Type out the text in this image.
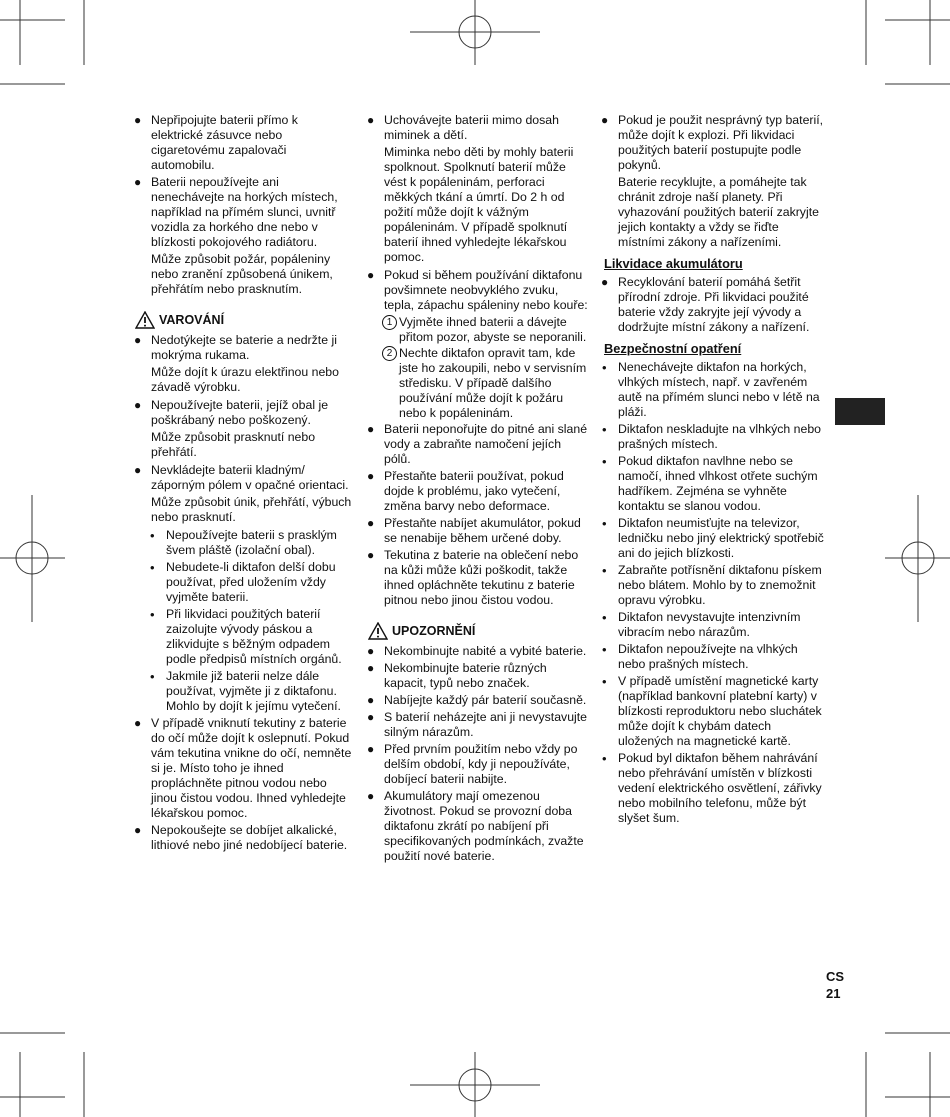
● Nepřipojujte baterii přímo k elektrické zásuvce nebo cigaretovému zapalovači automobilu.
● Baterii nepoužívejte ani nenechávejte na horkých místech, například na přímém slunci, uvnitř vozidla za horkého dne nebo v blízkosti pokojového radiátoru.
Může způsobit požár, popáleniny nebo zranění způsobená únikem, přehřátím nebo prasknutím.
VAROVÁNÍ
● Nedotýkejte se baterie a nedržte ji mokrýma rukama.
Může dojít k úrazu elektřinou nebo závadě výrobku.
● Nepoužívejte baterii, jejíž obal je poškrábaný nebo poškozený.
Může způsobit prasknutí nebo přehřátí.
● Nevkládejte baterii kladným/ záporným pólem v opačné orientaci.
Může způsobit únik, přehřátí, výbuch nebo prasknutí.
• Nepoužívejte baterii s prasklým švem pláště (izolační obal).
• Nebudete-li diktafon delší dobu používat, před uložením vždy vyjměte baterii.
• Při likvidaci použitých baterií zaizolujte vývody páskou a zlikvidujte s běžným odpadem podle předpisů místních orgánů.
• Jakmile již baterii nelze dále používat, vyjměte ji z diktafonu. Mohlo by dojít k jejímu vytečení.
● V případě vniknutí tekutiny z baterie do očí může dojít k oslepnutí. Pokud vám tekutina vnikne do očí, nemněte si je. Místo toho je ihned propláchněte pitnou vodou nebo jinou čistou vodou. Ihned vyhledejte lékařskou pomoc.
● Nepokoušejte se dobíjet alkalické, lithiové nebo jiné nedobíjecí baterie.
● Uchovávejte baterii mimo dosah miminek a dětí.
Miminka nebo děti by mohly baterii spolknout. Spolknutí baterií může vést k popáleninám, perforaci měkkých tkání a úmrtí. Do 2 h od požití může dojít k vážným popáleninám. V případě spolknutí baterií ihned vyhledejte lékařskou pomoc.
● Pokud si během používání diktafonu povšimnete neobvyklého zvuku, tepla, zápachu spáleniny nebo kouře:
1 Vyjměte ihned baterii a dávejte přitom pozor, abyste se neporanili.
2 Nechte diktafon opravit tam, kde jste ho zakoupili, nebo v servisním středisku. V případě dalšího používání může dojít k požáru nebo k popáleninám.
● Baterii neponořujte do pitné ani slané vody a zabraňte namočení jejích pólů.
● Přestaňte baterii používat, pokud dojde k problému, jako vytečení, změna barvy nebo deformace.
● Přestaňte nabíjet akumulátor, pokud se nenabije během určené doby.
● Tekutina z baterie na oblečení nebo na kůži může kůži poškodit, takže ihned opláchněte tekutinu z baterie pitnou nebo jinou čistou vodou.
UPOZORNĚNÍ
● Nekombinujte nabité a vybité baterie.
● Nekombinujte baterie různých kapacit, typů nebo značek.
● Nabíjejte každý pár baterií současně.
● S baterií neházejte ani ji nevystavujte silným nárazům.
● Před prvním použitím nebo vždy po delším období, kdy ji nepoužíváte, dobíjecí baterii nabijte.
● Akumulátory mají omezenou životnost. Pokud se provozní doba diktafonu zkrátí po nabíjení při specifikovaných podmínkách, zvažte použití nové baterie.
● Pokud je použit nesprávný typ baterií, může dojít k explozi. Při likvidaci použitých baterií postupujte podle pokynů.
Baterie recyklujte, a pomáhejte tak chránit zdroje naší planety. Při vyhazování použitých baterií zakryjte jejich kontakty a vždy se řiďte místními zákony a nařízeními.
Likvidace akumulátoru
● Recyklování baterií pomáhá šetřit přírodní zdroje. Při likvidaci použité baterie vždy zakryjte její vývody a dodržujte místní zákony a nařízení.
Bezpečnostní opatření
• Nenechávejte diktafon na horkých, vlhkých místech, např. v zavřeném autě na přímém slunci nebo v létě na pláži.
• Diktafon neskladujte na vlhkých nebo prašných místech.
• Pokud diktafon navlhne nebo se namočí, ihned vlhkost otřete suchým hadříkem. Zejména se vyhněte kontaktu se slanou vodou.
• Diktafon neumisťujte na televizor, ledničku nebo jiný elektrický spotřebič ani do jejich blízkosti.
• Zabraňte potřísnění diktafonu pískem nebo blátem. Mohlo by to znemožnit opravu výrobku.
• Diktafon nevystavujte intenzivním vibracím nebo nárazům.
• Diktafon nepoužívejte na vlhkých nebo prašných místech.
• V případě umístění magnetické karty (například bankovní platební karty) v blízkosti reproduktoru nebo sluchátek může dojít k chybám datech uložených na magnetické kartě.
• Pokud byl diktafon během nahrávání nebo přehrávání umístěn v blízkosti vedení elektrického osvětlení, zářivky nebo mobilního telefonu, může být slyšet šum.
CS
21
